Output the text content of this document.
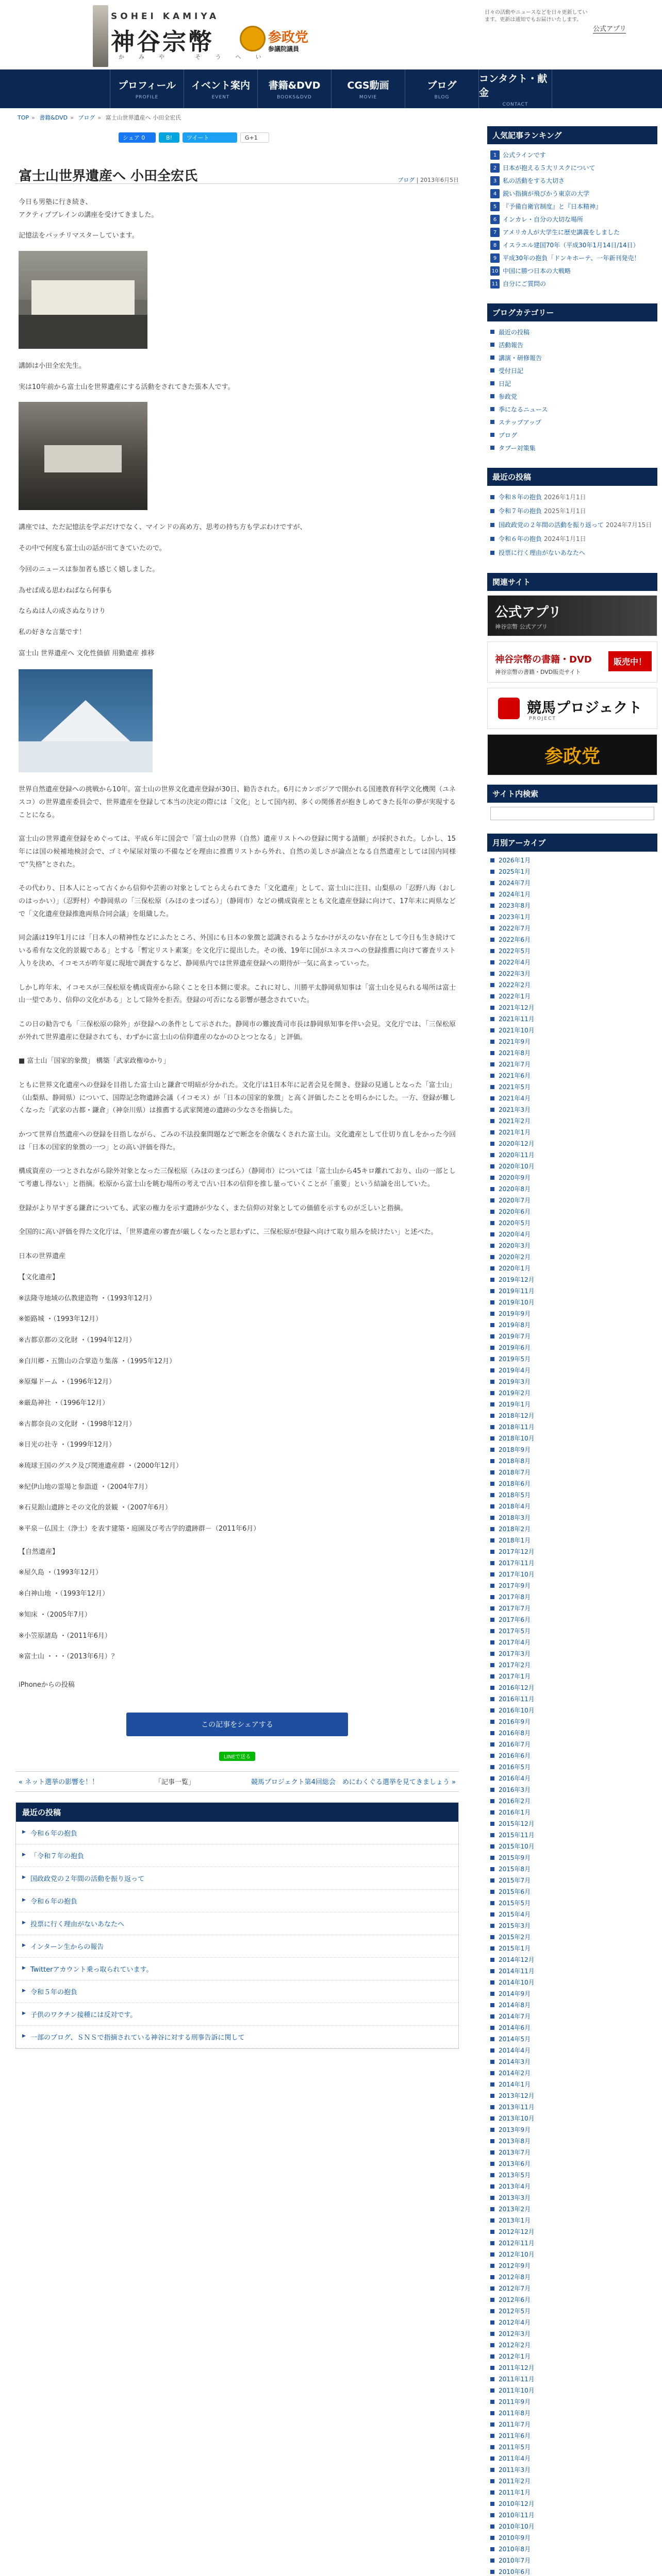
SOHEI KAMIYA
神谷宗幣
かみや そうへい
参政党
参議院議員
日々の活動やニュースなどを日々更新しています。更新は通知でもお届けいたします。
公式アプリ
プロフィール
PROFILE
イベント案内
EVENT
書籍&DVD
BOOKS&DVD
CGS動画
MOVIE
ブログ
BLOG
コンタクト・献金
CONTACT
TOP » 書籍&DVD » ブログ » 富士山世界遺産へ 小田全宏氏
シェア 0	B!	ツイート	G+1
富士山世界遺産へ 小田全宏氏	ブログ | 2013年6月5日

今日も男塾に行き続き、
アクティブブレインの講座を受けてきました。

記憶法をバッチリマスターしています。

講師は小田全宏先生。

実は10年前から富士山を世界遺産にする活動をされてきた張本人です。

講座では、ただ記憶法を学ぶだけでなく、マインドの高め方、思考の持ち方も学ぶわけですが、

その中で何度も富士山の話が出てきていたので。

今回のニュースは参加者も感じく嬉しました。

為せば成る思わねばなら何事も

ならぬは人の成さぬなりけり

私の好きな言葉です！

富士山 世界遺産へ 文化性価値 用勤遺産 推移

世界自然遺産登録への挑戦から10年。富士山の世界文化遺産登録が30日、勧告された。6月にカンボジアで開かれる国連教育科学文化機関（ユネスコ）の世界遺産委員会で、世界遺産を登録して本当の決定の際には「文化」として国内初、多くの関係者が抱きしめてきた長年の夢が実現することになる。

富士山の世界遺産登録をめぐっては、平成６年に国会で「富士山の世界（自然）遺産リストへの登録に関する請願」が採択された。しかし、15年には国の候補地検討会で、ゴミや屎尿対策の不備などを理由に推薦リストから外れ、自然の美しさが論点となる自然遺産としては国内同様で“失格”とされた。

その代わり、日本人にとって古くから信仰や芸術の対象としてとらえられてきた「文化遺産」として、富士山に注目、山梨県の「忍野八海（おしのはっかい）」（忍野村）や静岡県の「三保松原（みほのまつばら）」（静岡市）などの構成資産ととも文化遺産登録に向けて、17年末に両県などで「文化遺産登録推進両県合同会議」を組織した。

同会議は19年1月には「日本人の精神性などにふたところ、外国にも日本の象徴と認識されるようなかけがえのない存在として今日も生き続けている希有な文化的景観である」とする「暫定リスト素案」を文化庁に提出した。その後、19年に国がユネスコへの登録推薦に向けて審査リスト入りを決め、イコモスが昨年夏に現地で調査するなど、静岡県内では世界遺産登録への期待が一気に高まっていった。

しかし昨年末、イコモスが三保松原を構成資産から除くことを日本側に要求。これに対し、川勝平太静岡県知事は「富士山を見られる場所は富士山一望であり、信仰の文化がある」として除外を拒否。登録の可否になる影響が懸念されていた。

この日の勧告でも「三保松原の除外」が登録への条件として示された。静岡市の難波喬司市長は静岡県知事を伴い会見。文化庁では、「三保松原が外れて世界遺産に登録されても、わずかに富士山の信仰遺産のなかのひとつとなる」と評価。

■ 富士山「国家的象徴」 構築「武家政権ゆかり」

ともに世界文化遺産への登録を目指した富士山と鎌倉で明暗が分かれた。文化庁は1日本年に記者会見を開き、登録の見通しとなった「富士山」（山梨県、静岡県）について、国際記念物遺跡会議（イコモス）が「日本の国家的象徴」と高く評価したことを明らかにした。一方、登録が難しくなった「武家の古都・鎌倉」（神奈川県）は推薦する武家関連の遺跡の少なさを指摘した。

かつて世界自然遺産への登録を目指しながら、ごみの不法投棄問題などで断念を余儀なくされた富士山。文化遺産として仕切り直しをかった今回は「日本の国家的象徴の一つ」との高い評価を得た。

構成資産の一つとされながら除外対象となった三保松原（みほのまつばら）（静岡市）については「富士山から45キロ離れており、山の一部として考慮し得ない」と指摘。松原から富士山を眺む場所の考えで古い日本の信仰を推し量っていくことが「重要」という結論を出していた。

登録がより早すぎる鎌倉についても、武家の権力を示す遺跡が少なく、また信仰の対象としての価値を示すものが乏しいと指摘。

全国的に高い評価を得た文化庁は、「世界遺産の審査が厳しくなったと思わずに、三保松原が登録へ向けて取り組みを続けたい」と述べた。

日本の世界遺産

【文化遺産】

※法隆寺地域の仏教建造物 ・（1993年12月）

※姫路城 ・（1993年12月）

※古都京都の文化財 ・（1994年12月）

※白川郷・五箇山の合掌造り集落 ・（1995年12月）

※原爆ドーム ・（1996年12月）

※厳島神社 ・（1996年12月）

※古都奈良の文化財 ・（1998年12月）

※日光の社寺 ・（1999年12月）

※琉球王国のグスク及び関連遺産群 ・（2000年12月）

※紀伊山地の霊場と参詣道 ・（2004年7月）

※石見銀山遺跡とその文化的景観 ・（2007年6月）

※平泉－仏国土（浄土）を表す建築・庭園及び考古学的遺跡群－（2011年6月）

【自然遺産】

※屋久島 ・（1993年12月）

※白神山地 ・（1993年12月）

※知床 ・（2005年7月）

※小笠原諸島 ・（2011年6月）

※富士山 ・・・（2013年6月）？

iPhoneからの投稿

この記事をシェアする
LINEで送る
« ネット選挙の影響を！！	「記事一覧」	競馬プロジェクト第4回総会　めにわくぐる選挙を見てきましょう »
最近の投稿
▶ 今和６年の抱負
▶ 「令和７年の抱負
▶ 国政政党の２年間の活動を振り返って
▶ 令和６年の抱負
▶ 投票に行く理由がないあなたへ
▶ インターン生からの報告
▶ Twitterアカウント乗っ取られています。
▶ 令和５年の抱負
▶ 子供のワクチン接種には反対です。
▶ 一部のブログ、ＳＮＳで指摘されている神谷に対する刑事告訴に関して
人気記事ランキング
1 公式ラインです
2 日本が抱える５大リスクについて
3 私の活動をする大切さ
4 鋭い指摘が飛びかう東京の大学
5 『予備自衛官制度』と『日本精神』
6 インカレ・自分の大切な場所
7 アメリカ人が大学生に歴史講義をしました
8 イスラエル建国70年（平成30年1月14日/14日）
9 平成30年の抱負「ドンキホーテ、一年新刊発売！
10 中国に勝つ日本の大戦略
11 自分にご質問の
ブログカテゴリー
最近の投稿
活動報告
講演・研修報告
受付日記
日記
参政党
季になるニュース
ステップアップ
ブログ
タブー対策集
最近の投稿
令和８年の抱負 2026年1月1日
令和７年の抱負 2025年1月1日
国政政党の２年間の活動を振り返って 2024年7月15日
令和６年の抱負 2024年1月1日
投票に行く理由がないあなたへ
関連サイト
公式アプリ
神谷宗幣 公式アプリ
神谷宗幣の書籍・DVD
神谷宗幣の書籍・DVD販売サイト
販売中！
競馬プロジェクト
PROJECT
参政党
サイト内検索
月別アーカイブ
2026年1月
2025年1月
2024年7月
2024年1月
2023年8月
2023年1月
2022年7月
2022年6月
2022年5月
2022年4月
2022年3月
2022年2月
2022年1月
2021年12月
2021年11月
2021年10月
2021年9月
2021年8月
2021年7月
2021年6月
2021年5月
2021年4月
2021年3月
2021年2月
2021年1月
2020年12月
2020年11月
2020年10月
2020年9月
2020年8月
2020年7月
2020年6月
2020年5月
2020年4月
2020年3月
2020年2月
2020年1月
2019年12月
2019年11月
2019年10月
2019年9月
2019年8月
2019年7月
2019年6月
2019年5月
2019年4月
2019年3月
2019年2月
2019年1月
2018年12月
2018年11月
2018年10月
2018年9月
2018年8月
2018年7月
2018年6月
2018年5月
2018年4月
2018年3月
2018年2月
2018年1月
2017年12月
2017年11月
2017年10月
2017年9月
2017年8月
2017年7月
2017年6月
2017年5月
2017年4月
2017年3月
2017年2月
2017年1月
2016年12月
2016年11月
2016年10月
2016年9月
2016年8月
2016年7月
2016年6月
2016年5月
2016年4月
2016年3月
2016年2月
2016年1月
2015年12月
2015年11月
2015年10月
2015年9月
2015年8月
2015年7月
2015年6月
2015年5月
2015年4月
2015年3月
2015年2月
2015年1月
2014年12月
2014年11月
2014年10月
2014年9月
2014年8月
2014年7月
2014年6月
2014年5月
2014年4月
2014年3月
2014年2月
2014年1月
2013年12月
2013年11月
2013年10月
2013年9月
2013年8月
2013年7月
2013年6月
2013年5月
2013年4月
2013年3月
2013年2月
2013年1月
2012年12月
2012年11月
2012年10月
2012年9月
2012年8月
2012年7月
2012年6月
2012年5月
2012年4月
2012年3月
2012年2月
2012年1月
2011年12月
2011年11月
2011年10月
2011年9月
2011年8月
2011年7月
2011年6月
2011年5月
2011年4月
2011年3月
2011年2月
2011年1月
2010年12月
2010年11月
2010年10月
2010年9月
2010年8月
2010年7月
2010年6月
